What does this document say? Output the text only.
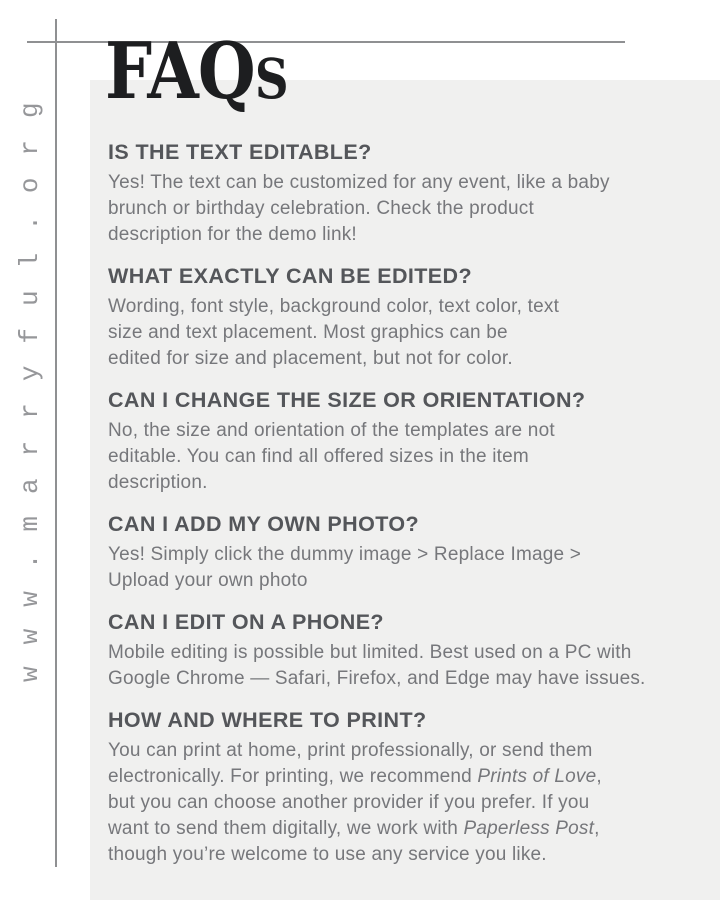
www.marryful.org
FAQs
IS THE TEXT EDITABLE?

Yes! The text can be customized for any event, like a baby
brunch or birthday celebration. Check the product
description for the demo link!

WHAT EXACTLY CAN BE EDITED?

Wording, font style, background color, text color, text
size and text placement. Most graphics can be
edited for size and placement, but not for color.

CAN I CHANGE THE SIZE OR ORIENTATION?

No, the size and orientation of the templates are not
editable. You can find all offered sizes in the item
description.

CAN I ADD MY OWN PHOTO?

Yes! Simply click the dummy image > Replace Image >
Upload your own photo

CAN I EDIT ON A PHONE?

Mobile editing is possible but limited. Best used on a PC with
Google Chrome — Safari, Firefox, and Edge may have issues.

HOW AND WHERE TO PRINT?

You can print at home, print professionally, or send them
electronically. For printing, we recommend Prints of Love,
but you can choose another provider if you prefer. If you
want to send them digitally, we work with Paperless Post,
though you’re welcome to use any service you like.
